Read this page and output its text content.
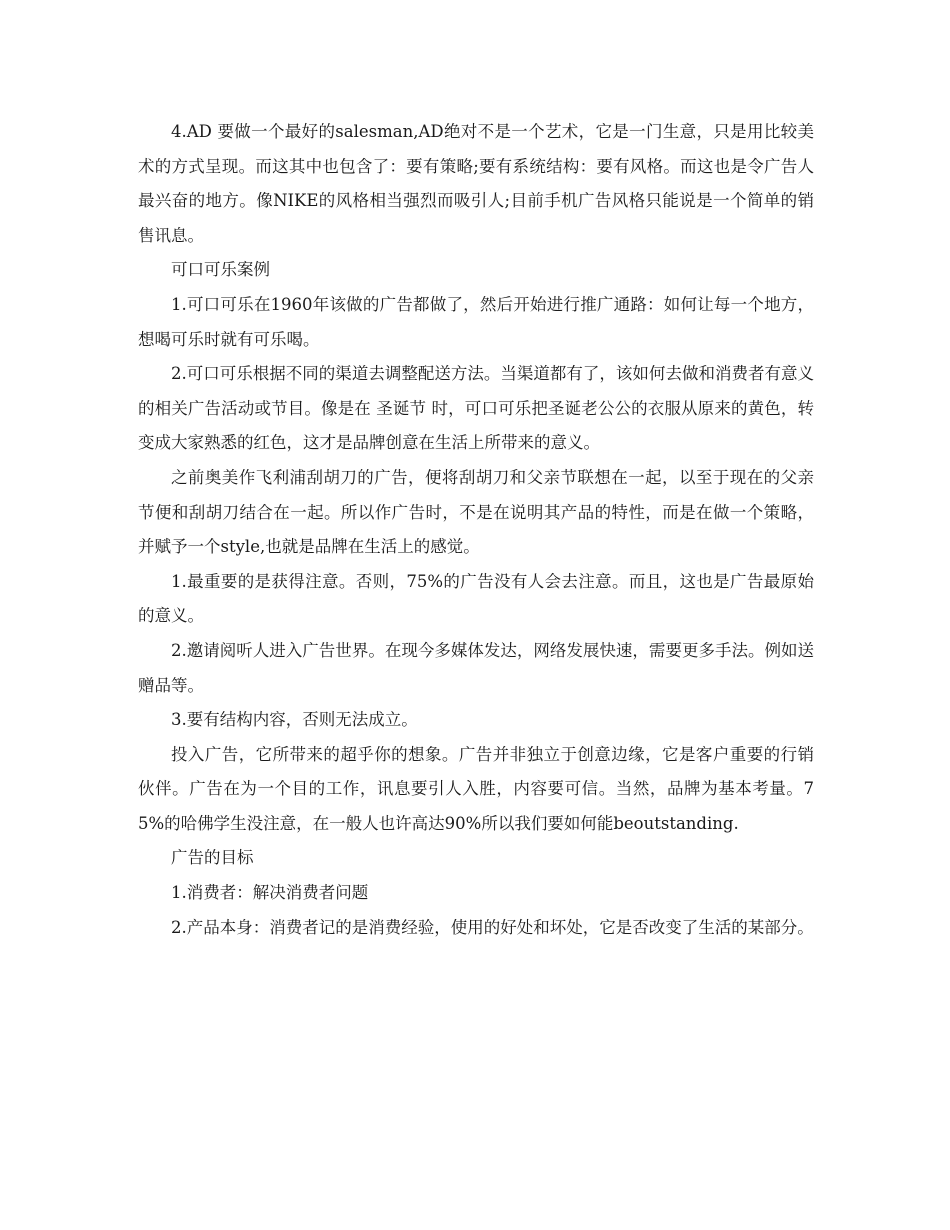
4.AD 要做一个最好的salesman,AD绝对不是一个艺术，它是一门生意，只是用比较美术的方式呈现。而这其中也包含了：要有策略;要有系统结构：要有风格。而这也是令广告人最兴奋的地方。像NIKE的风格相当强烈而吸引人;目前手机广告风格只能说是一个简单的销售讯息。

可口可乐案例

1.可口可乐在1960年该做的广告都做了，然后开始进行推广通路：如何让每一个地方，想喝可乐时就有可乐喝。

2.可口可乐根据不同的渠道去调整配送方法。当渠道都有了，该如何去做和消费者有意义的相关广告活动或节目。像是在 圣诞节 时，可口可乐把圣诞老公公的衣服从原来的黄色，转变成大家熟悉的红色，这才是品牌创意在生活上所带来的意义。

之前奥美作飞利浦刮胡刀的广告，便将刮胡刀和父亲节联想在一起，以至于现在的父亲节便和刮胡刀结合在一起。所以作广告时，不是在说明其产品的特性，而是在做一个策略，并赋予一个style,也就是品牌在生活上的感觉。

1.最重要的是获得注意。否则，75%的广告没有人会去注意。而且，这也是广告最原始的意义。

2.邀请阅听人进入广告世界。在现今多媒体发达，网络发展快速，需要更多手法。例如送赠品等。

3.要有结构内容，否则无法成立。

投入广告，它所带来的超乎你的想象。广告并非独立于创意边缘，它是客户重要的行销伙伴。广告在为一个目的工作，讯息要引人入胜，内容要可信。当然，品牌为基本考量。75%的哈佛学生没注意，在一般人也许高达90%所以我们要如何能beoutstanding.

广告的目标

1.消费者：解决消费者问题

2.产品本身：消费者记的是消费经验，使用的好处和坏处，它是否改变了生活的某部分。
